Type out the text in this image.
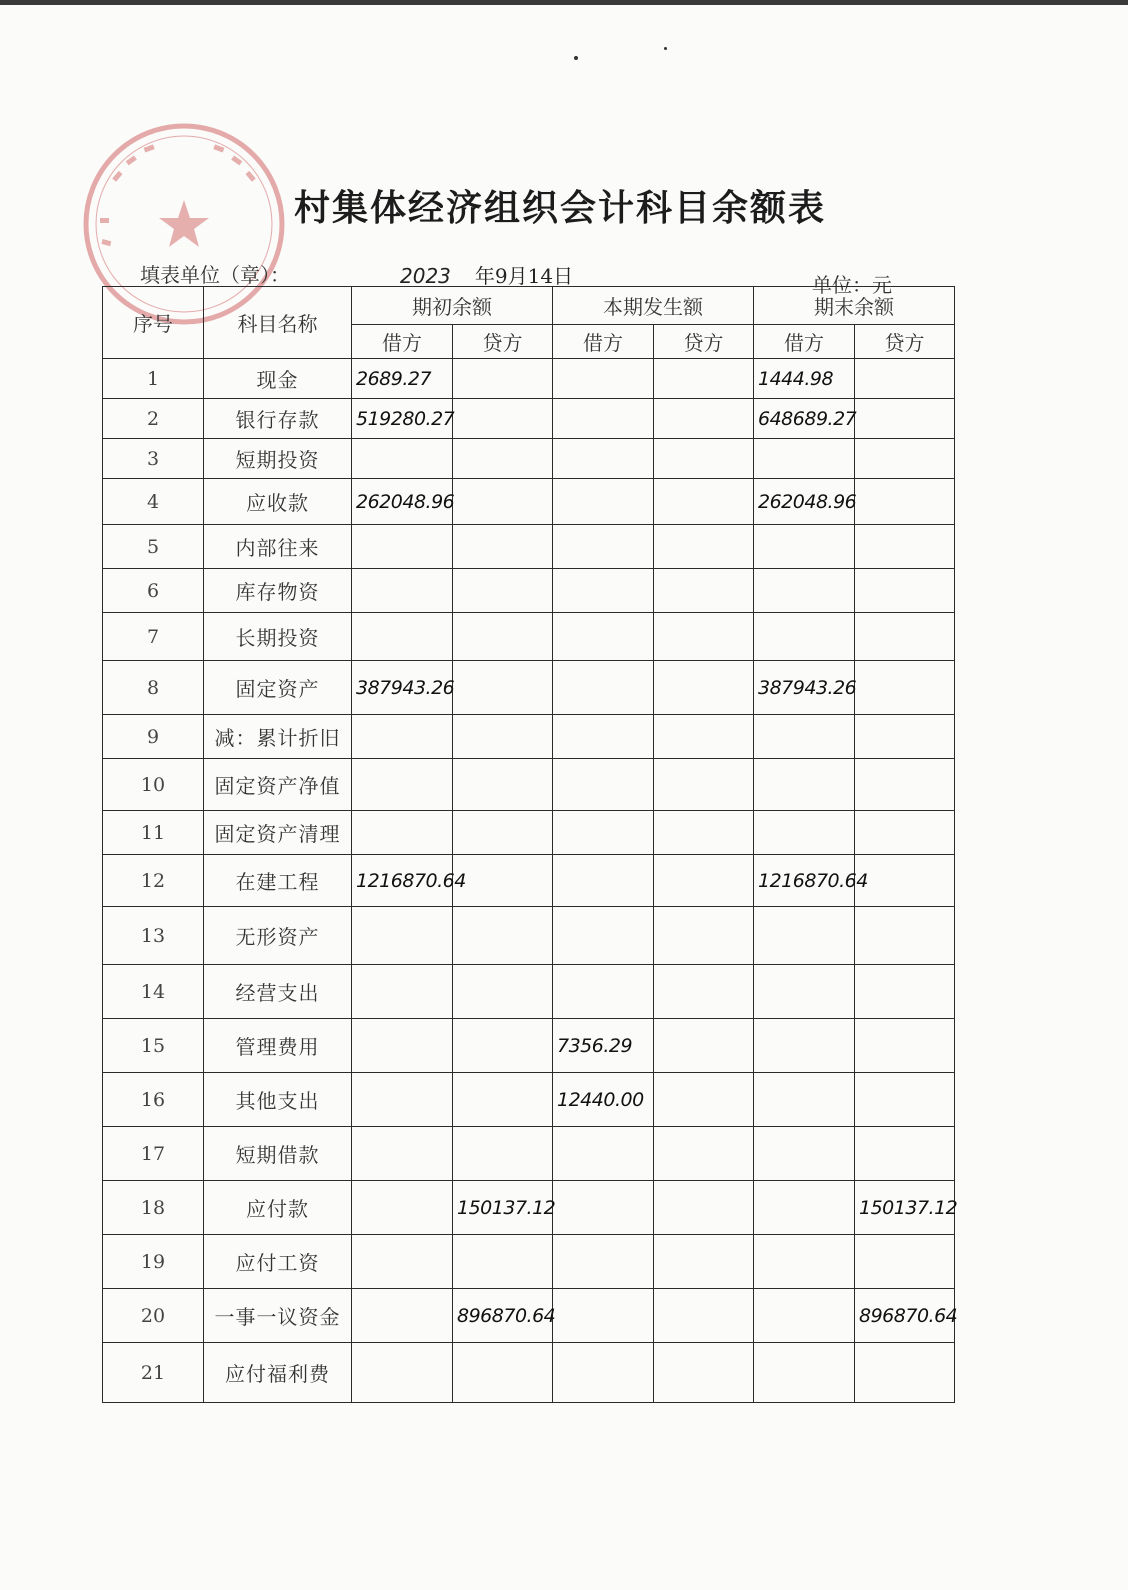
村集体经济组织会计科目余额表
填表单位（章）：	2023 年9月14日	单位：元
序号	科目名称	期初余额		本期发生额		期末余额	
		借方	贷方	借方	贷方	借方	贷方
1	现金	2689.27				1444.98	
2	银行存款	519280.27				648689.27	
3	短期投资						
4	应收款	262048.96				262048.96	
5	内部往来						
6	库存物资						
7	长期投资						
8	固定资产	387943.26				387943.26	
9	减：累计折旧						
10	固定资产净值						
11	固定资产清理						
12	在建工程	1216870.64				1216870.64	
13	无形资产						
14	经营支出						
15	管理费用			7356.29			
16	其他支出			12440.00			
17	短期借款						
18	应付款		150137.12				150137.12
19	应付工资						
20	一事一议资金		896870.64				896870.64
21	应付福利费						
